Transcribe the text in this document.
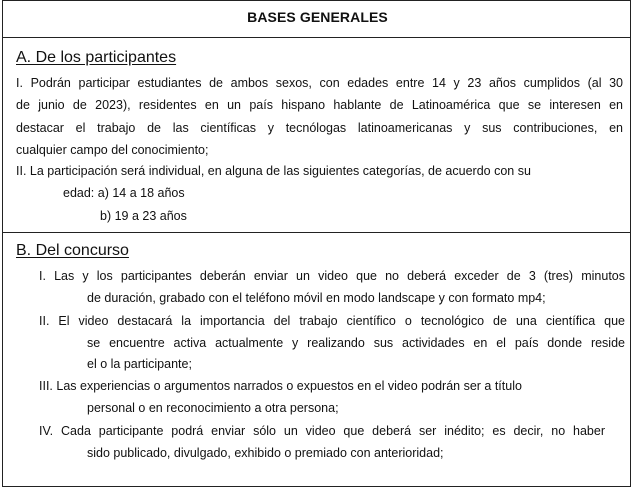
BASES GENERALES
A. De los participantes
I. Podrán participar estudiantes de ambos sexos, con edades entre 14 y 23 años cumplidos (al 30
de junio de 2023), residentes en un país hispano hablante de Latinoamérica que se interesen en
destacar el trabajo de las científicas y tecnólogas latinoamericanas y sus contribuciones, en
cualquier campo del conocimiento;
II. La participación será individual, en alguna de las siguientes categorías, de acuerdo con su
edad: a) 14 a 18 años
b) 19 a 23 años
B. Del concurso
I. Las y los participantes deberán enviar un video que no deberá exceder de 3 (tres) minutos
de duración, grabado con el teléfono móvil en modo landscape y con formato mp4;
II. El video destacará la importancia del trabajo científico o tecnológico de una científica que
se encuentre activa actualmente y realizando sus actividades en el país donde reside
el o la participante;
III. Las experiencias o argumentos narrados o expuestos en el video podrán ser a título
personal o en reconocimiento a otra persona;
IV. Cada participante podrá enviar sólo un video que deberá ser inédito; es decir, no haber
sido publicado, divulgado, exhibido o premiado con anterioridad;
